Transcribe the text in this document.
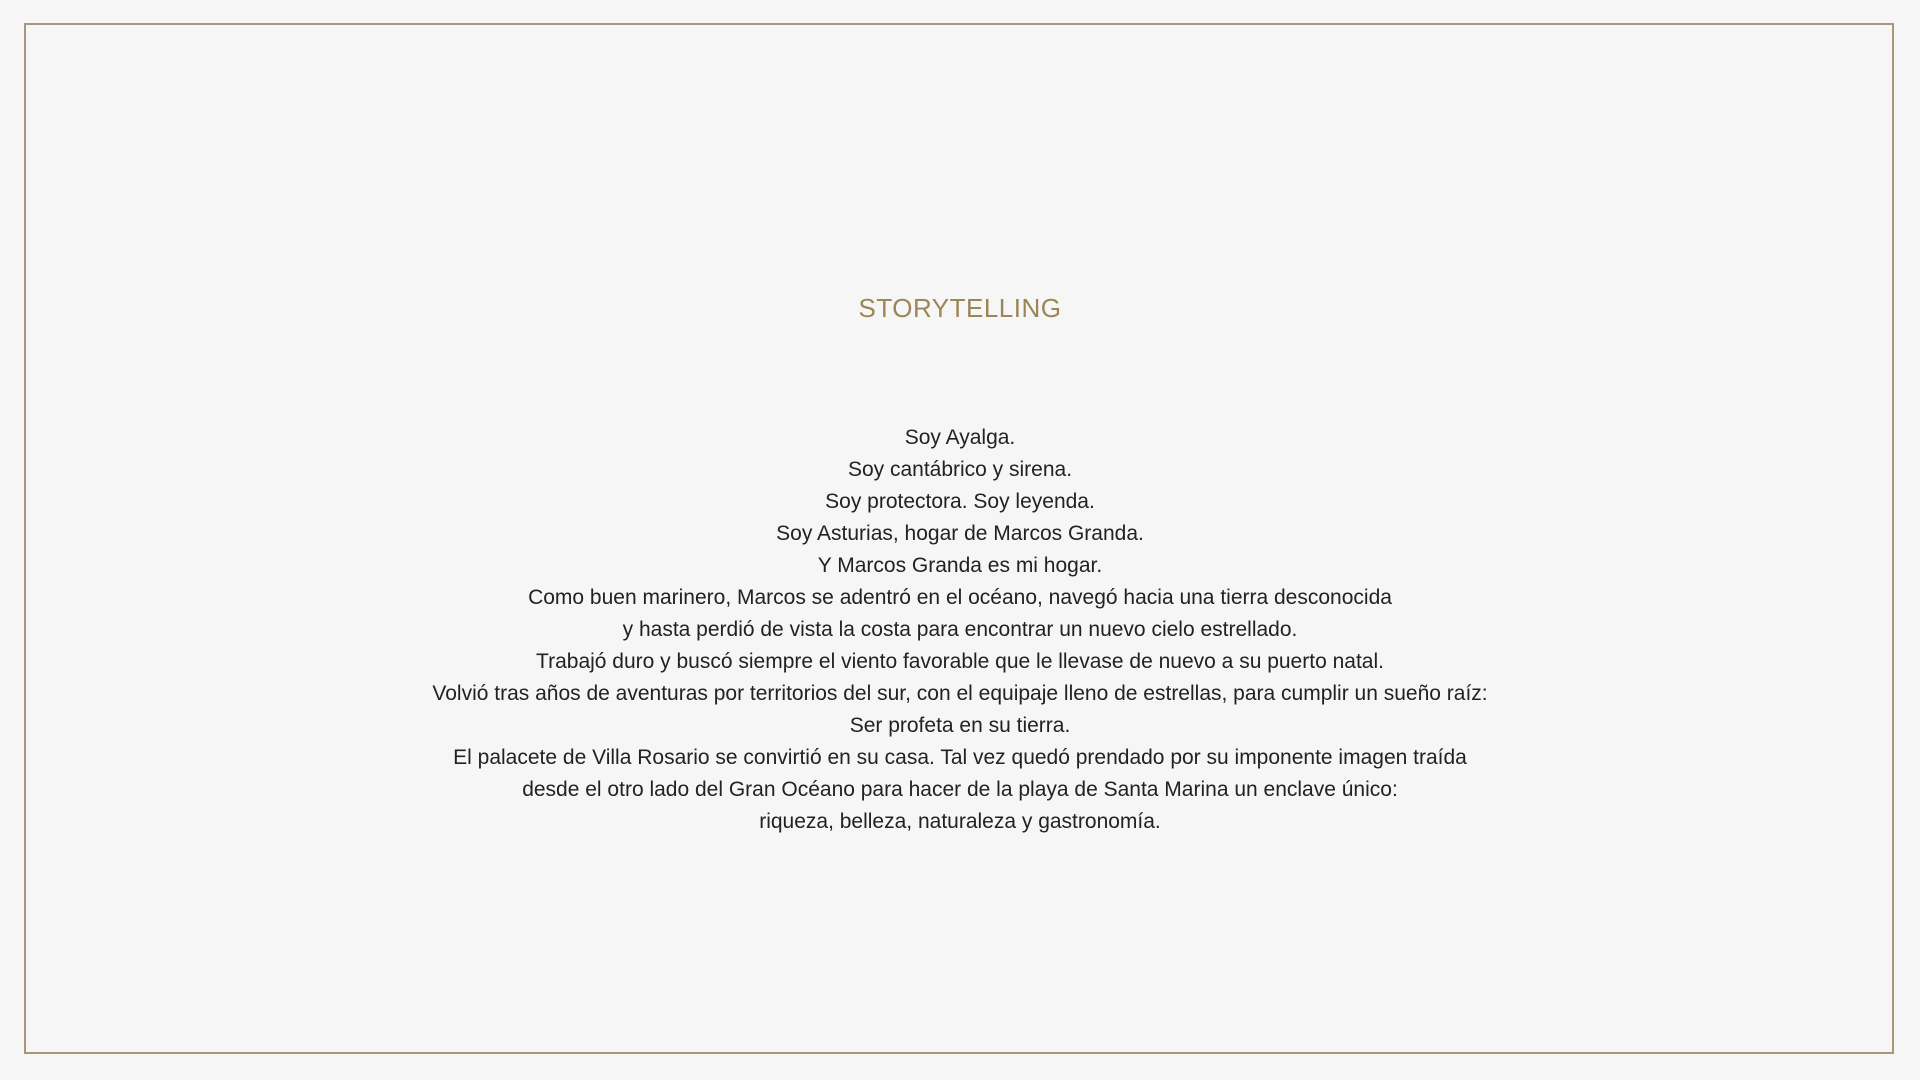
STORYTELLING
Soy Ayalga.
Soy cantábrico y sirena.
Soy protectora. Soy leyenda.
Soy Asturias, hogar de Marcos Granda.
Y Marcos Granda es mi hogar.
Como buen marinero, Marcos se adentró en el océano, navegó hacia una tierra desconocida
y hasta perdió de vista la costa para encontrar un nuevo cielo estrellado.
Trabajó duro y buscó siempre el viento favorable que le llevase de nuevo a su puerto natal.
Volvió tras años de aventuras por territorios del sur, con el equipaje lleno de estrellas, para cumplir un sueño raíz:
Ser profeta en su tierra.
El palacete de Villa Rosario se convirtió en su casa. Tal vez quedó prendado por su imponente imagen traída
desde el otro lado del Gran Océano para hacer de la playa de Santa Marina un enclave único:
riqueza, belleza, naturaleza y gastronomía.
